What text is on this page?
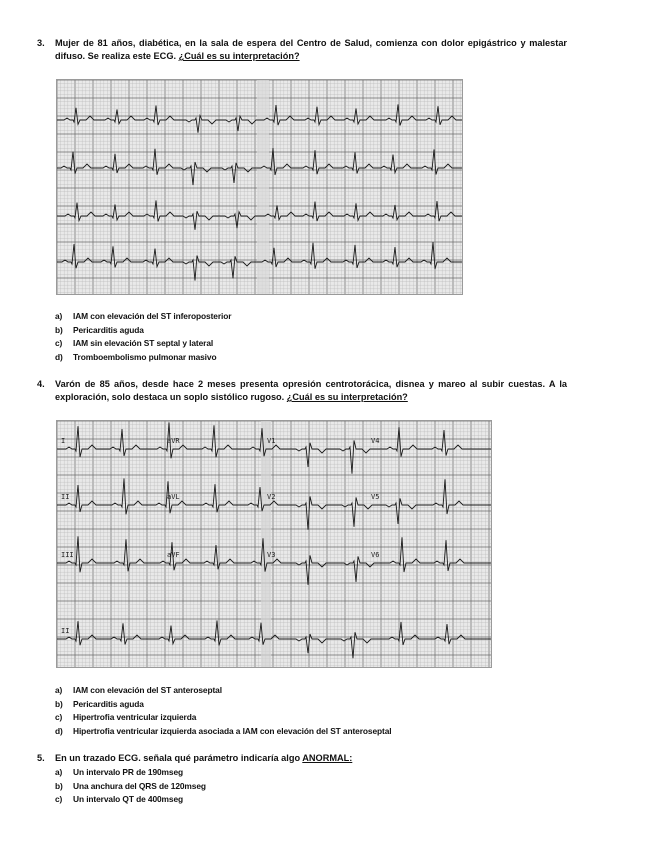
3. Mujer de 81 años, diabética, en la sala de espera del Centro de Salud, comienza con dolor epigástrico y malestar difuso. Se realiza este ECG. ¿Cuál es su interpretación?
a)	IAM con elevación del ST inferoposterior
b)	Pericarditis aguda
c)	IAM sin elevación ST septal y lateral
d)	Tromboembolismo pulmonar masivo
4. Varón de 85 años, desde hace 2 meses presenta opresión centrotorácica, disnea y mareo al subir cuestas. A la exploración, solo destaca un soplo sistólico rugoso. ¿Cuál es su interpretación?
I	aVR	V1	V4
II	aVL	V2	V5
III	aVF	V3	V6
II
a)	IAM con elevación del ST anteroseptal
b)	Pericarditis aguda
c)	Hipertrofia ventricular izquierda
d)	Hipertrofia ventricular izquierda asociada a IAM con elevación del ST anteroseptal
5. En un trazado ECG. señala qué parámetro indicaría algo ANORMAL:
a)	Un intervalo PR de 190mseg
b)	Una anchura del QRS de 120mseg
c)	Un intervalo QT de 400mseg
